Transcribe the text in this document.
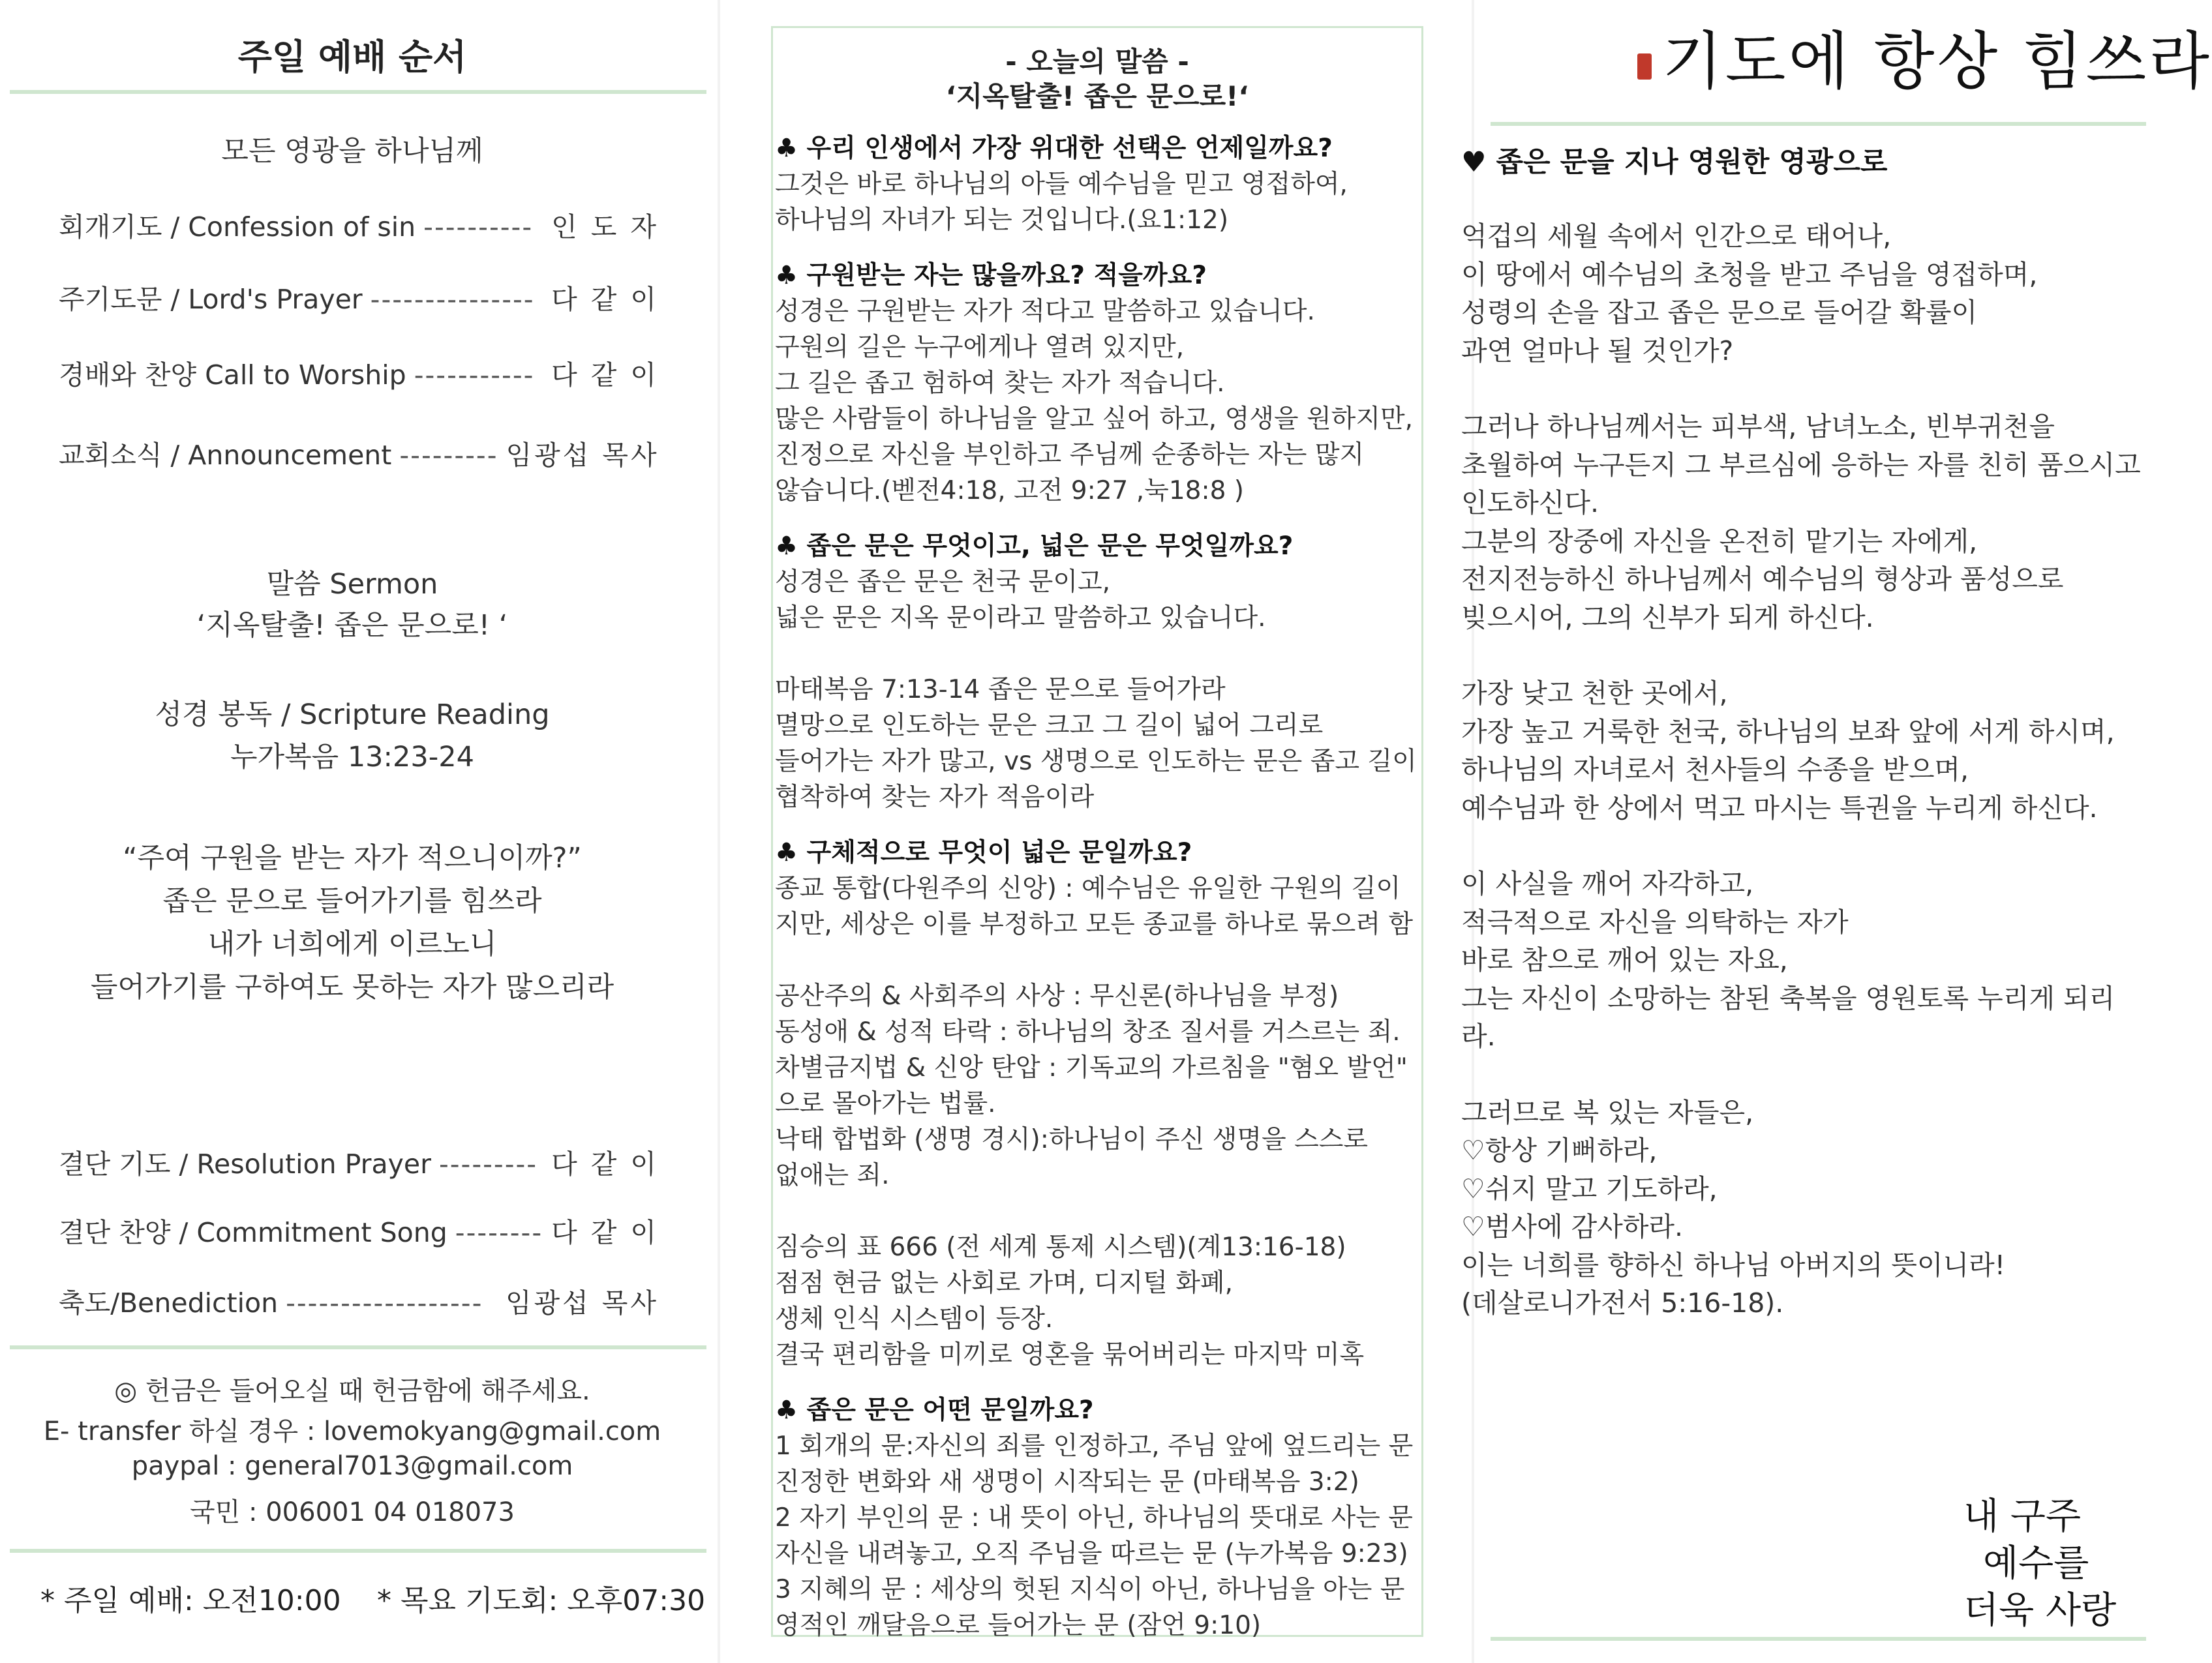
주일 예배 순서
모든 영광을 하나님께
회개기도 / Confession of sin ---------- 인 도 자
주기도문 / Lord's Prayer --------------- 다 같 이
경배와 찬양 Call to Worship ----------- 다 같 이
교회소식 / Announcement --------- 임광섭 목사
말씀 Sermon
‘지옥탈출! 좁은 문으로! ‘
성경 봉독 / Scripture Reading
누가복음 13:23-24
“주여 구원을 받는 자가 적으니이까?”
좁은 문으로 들어가기를 힘쓰라
내가 너희에게 이르노니
들어가기를 구하여도 못하는 자가 많으리라
결단 기도 / Resolution Prayer --------- 다 같 이
결단 찬양 / Commitment Song -------- 다 같 이
축도/Benediction ------------------ 임광섭 목사
◎ 헌금은 들어오실 때 헌금함에 해주세요.
E- transfer 하실 경우 : lovemokyang@gmail.com
paypal : general7013@gmail.com
국민 : 006001 04 018073
* 주일 예배: 오전10:00 * 목요 기도회: 오후07:30
- 오늘의 말씀 -
‘지옥탈출! 좁은 문으로!‘

♣ 우리 인생에서 가장 위대한 선택은 언제일까요?
그것은 바로 하나님의 아들 예수님을 믿고 영접하여,
하나님의 자녀가 되는 것입니다.(요1:12)

♣ 구원받는 자는 많을까요? 적을까요?
성경은 구원받는 자가 적다고 말씀하고 있습니다.
구원의 길은 누구에게나 열려 있지만,
그 길은 좁고 험하여 찾는 자가 적습니다.
많은 사람들이 하나님을 알고 싶어 하고, 영생을 원하지만,
진정으로 자신을 부인하고 주님께 순종하는 자는 많지
않습니다.(벧전4:18, 고전 9:27 ,눅18:8 )

♣ 좁은 문은 무엇이고, 넓은 문은 무엇일까요?
성경은 좁은 문은 천국 문이고,
넓은 문은 지옥 문이라고 말씀하고 있습니다.

마태복음 7:13-14 좁은 문으로 들어가라
멸망으로 인도하는 문은 크고 그 길이 넓어 그리로
들어가는 자가 많고, vs 생명으로 인도하는 문은 좁고 길이
협착하여 찾는 자가 적음이라

♣ 구체적으로 무엇이 넓은 문일까요?
종교 통합(다원주의 신앙) : 예수님은 유일한 구원의 길이
지만, 세상은 이를 부정하고 모든 종교를 하나로 묶으려 함

공산주의 & 사회주의 사상 : 무신론(하나님을 부정)
동성애 & 성적 타락 : 하나님의 창조 질서를 거스르는 죄.
차별금지법 & 신앙 탄압 : 기독교의 가르침을 "혐오 발언"
으로 몰아가는 법률.
낙태 합법화 (생명 경시):하나님이 주신 생명을 스스로
없애는 죄.

짐승의 표 666 (전 세계 통제 시스템)(계13:16-18)
점점 현금 없는 사회로 가며, 디지털 화폐,
생체 인식 시스템이 등장.
결국 편리함을 미끼로 영혼을 묶어버리는 마지막 미혹

♣ 좁은 문은 어떤 문일까요?
1 회개의 문:자신의 죄를 인정하고, 주님 앞에 엎드리는 문
진정한 변화와 새 생명이 시작되는 문 (마태복음 3:2)
2 자기 부인의 문 : 내 뜻이 아닌, 하나님의 뜻대로 사는 문
자신을 내려놓고, 오직 주님을 따르는 문 (누가복음 9:23)
3 지혜의 문 : 세상의 헛된 지식이 아닌, 하나님을 아는 문
영적인 깨달음으로 들어가는 문 (잠언 9:10)

기도에 항상 힘쓰라
♥ 좁은 문을 지나 영원한 영광으로

억겁의 세월 속에서 인간으로 태어나,
이 땅에서 예수님의 초청을 받고 주님을 영접하며,
성령의 손을 잡고 좁은 문으로 들어갈 확률이
과연 얼마나 될 것인가?

그러나 하나님께서는 피부색, 남녀노소, 빈부귀천을
초월하여 누구든지 그 부르심에 응하는 자를 친히 품으시고
인도하신다.
그분의 장중에 자신을 온전히 맡기는 자에게,
전지전능하신 하나님께서 예수님의 형상과 품성으로
빚으시어, 그의 신부가 되게 하신다.

가장 낮고 천한 곳에서,
가장 높고 거룩한 천국, 하나님의 보좌 앞에 서게 하시며,
하나님의 자녀로서 천사들의 수종을 받으며,
예수님과 한 상에서 먹고 마시는 특권을 누리게 하신다.

이 사실을 깨어 자각하고,
적극적으로 자신을 의탁하는 자가
바로 참으로 깨어 있는 자요,
그는 자신이 소망하는 참된 축복을 영원토록 누리게 되리라.

그러므로 복 있는 자들은,
♡항상 기뻐하라,
♡쉬지 말고 기도하라,
♡범사에 감사하라.
이는 너희를 향하신 하나님 아버지의 뜻이니라!
(데살로니가전서 5:16-18).

내 구주
예수를
더욱 사랑
